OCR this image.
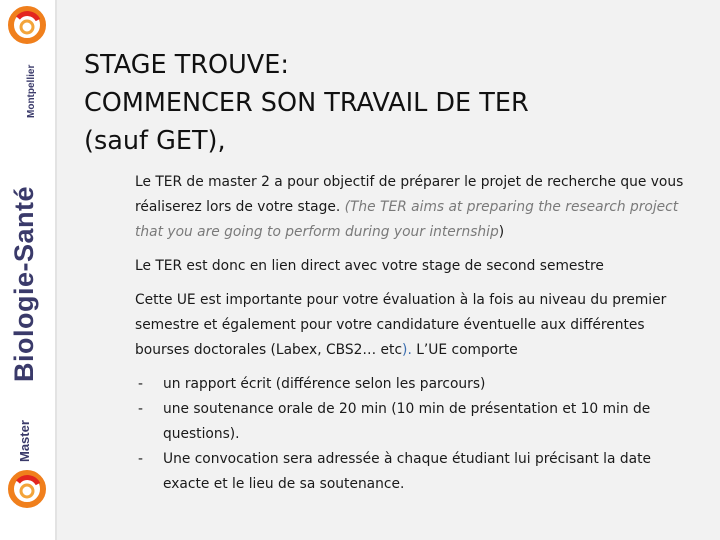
Montpellier
Biologie-Santé
Master
STAGE TROUVE:
COMMENCER SON TRAVAIL DE TER
(sauf GET),

Le TER de master 2 a pour objectif de préparer le projet de recherche que vous réaliserez lors de votre stage. (The TER aims at preparing the research project that you are going to perform during your internship)

Le TER est donc en lien direct avec votre stage de second semestre

Cette UE est importante pour votre évaluation à la fois au niveau du premier semestre et également pour votre candidature éventuelle aux différentes bourses doctorales (Labex, CBS2… etc). L’UE comporte

- un rapport écrit (différence selon les parcours)
- une soutenance orale de 20 min (10 min de présentation et 10 min de questions).
- Une convocation sera adressée à chaque étudiant lui précisant la date exacte et le lieu de sa soutenance.
